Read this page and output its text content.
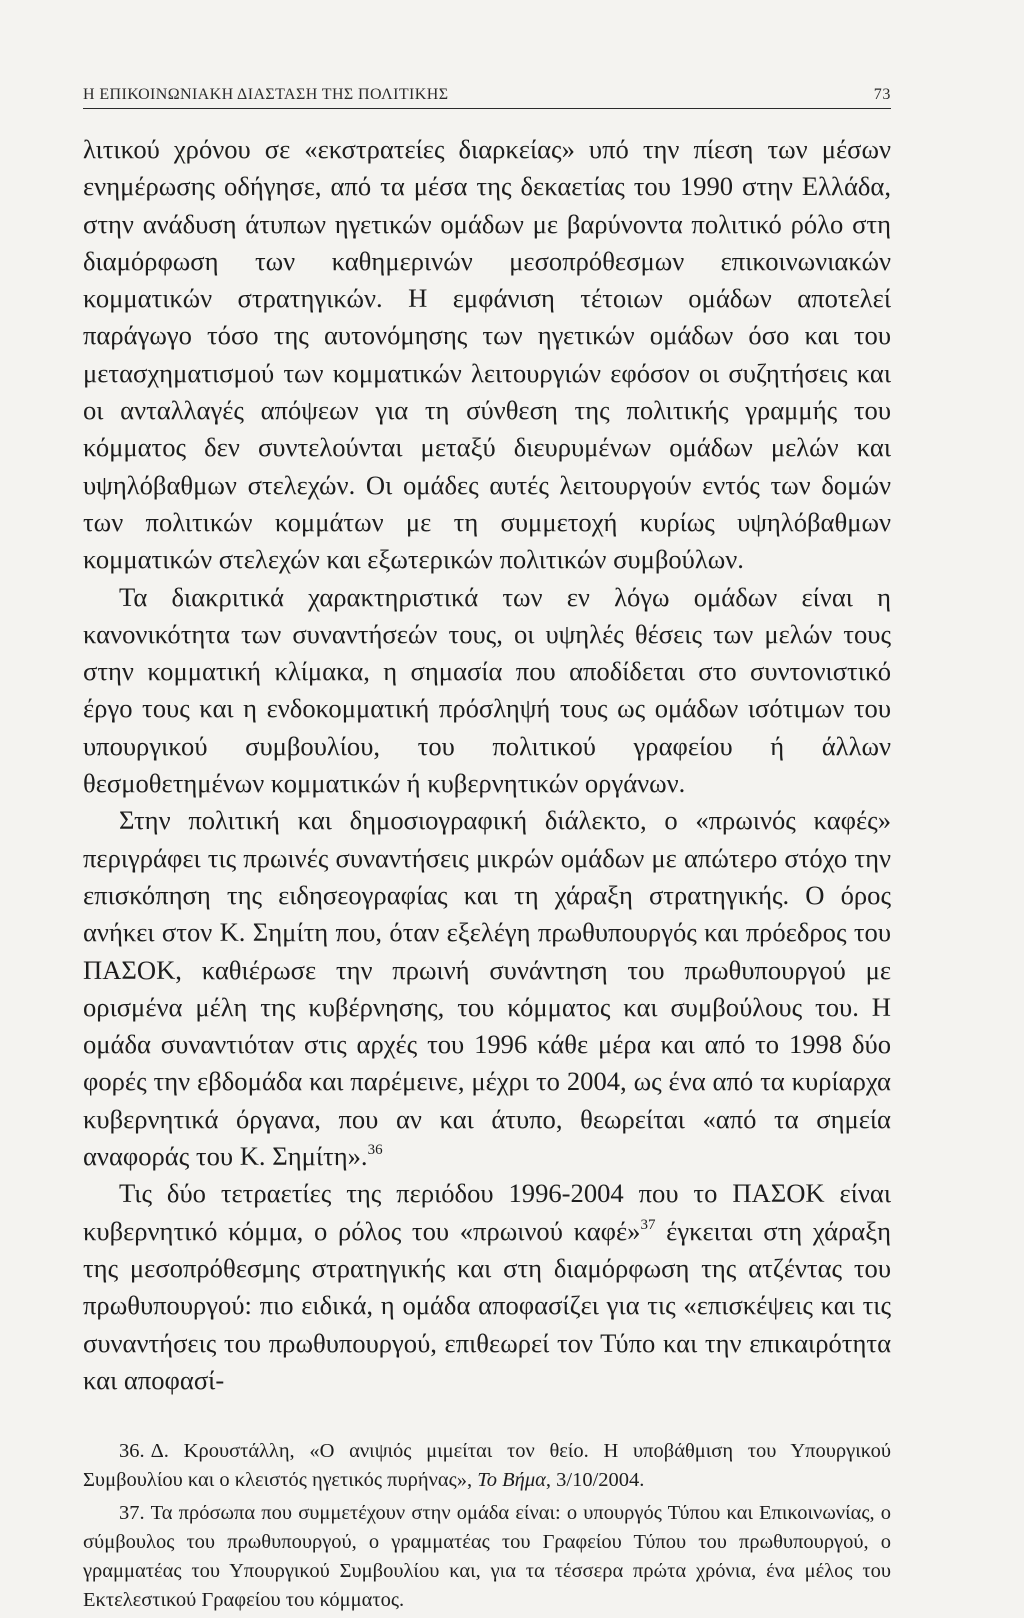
Η ΕΠΙΚΟΙΝΩΝΙΑΚΗ ΔΙΑΣΤΑΣΗ ΤΗΣ ΠΟΛΙΤΙΚΗΣ	73

λιτικού χρόνου σε «εκστρατείες διαρκείας» υπό την πίεση των μέσων ενημέρωσης οδήγησε, από τα μέσα της δεκαετίας του 1990 στην Ελλάδα, στην ανάδυση άτυπων ηγετικών ομάδων με βαρύνοντα πολιτικό ρόλο στη διαμόρφωση των καθημερινών μεσοπρόθεσμων επικοινωνιακών κομματικών στρατηγικών. Η εμφάνιση τέτοιων ομάδων αποτελεί παράγωγο τόσο της αυτονόμησης των ηγετικών ομάδων όσο και του μετασχηματισμού των κομματικών λειτουργιών εφόσον οι συζητήσεις και οι ανταλλαγές απόψεων για τη σύνθεση της πολιτικής γραμμής του κόμματος δεν συντελούνται μεταξύ διευρυμένων ομάδων μελών και υψηλόβαθμων στελεχών. Οι ομάδες αυτές λειτουργούν εντός των δομών των πολιτικών κομμάτων με τη συμμετοχή κυρίως υψηλόβαθμων κομματικών στελεχών και εξωτερικών πολιτικών συμβούλων.

Τα διακριτικά χαρακτηριστικά των εν λόγω ομάδων είναι η κανονικότητα των συναντήσεών τους, οι υψηλές θέσεις των μελών τους στην κομματική κλίμακα, η σημασία που αποδίδεται στο συντονιστικό έργο τους και η ενδοκομματική πρόσληψή τους ως ομάδων ισότιμων του υπουργικού συμβουλίου, του πολιτικού γραφείου ή άλλων θεσμοθετημένων κομματικών ή κυβερνητικών οργάνων.

Στην πολιτική και δημοσιογραφική διάλεκτο, ο «πρωινός καφές» περιγράφει τις πρωινές συναντήσεις μικρών ομάδων με απώτερο στόχο την επισκόπηση της ειδησεογραφίας και τη χάραξη στρατηγικής. Ο όρος ανήκει στον Κ. Σημίτη που, όταν εξελέγη πρωθυπουργός και πρόεδρος του ΠΑΣΟΚ, καθιέρωσε την πρωινή συνάντηση του πρωθυπουργού με ορισμένα μέλη της κυβέρνησης, του κόμματος και συμβούλους του. Η ομάδα συναντιόταν στις αρχές του 1996 κάθε μέρα και από το 1998 δύο φορές την εβδομάδα και παρέμεινε, μέχρι το 2004, ως ένα από τα κυρίαρχα κυβερνητικά όργανα, που αν και άτυπο, θεωρείται «από τα σημεία αναφοράς του Κ. Σημίτη».$^{36}$

Τις δύο τετραετίες της περιόδου 1996-2004 που το ΠΑΣΟΚ είναι κυβερνητικό κόμμα, ο ρόλος του «πρωινού καφέ»$^{37}$ έγκειται στη χάραξη της μεσοπρόθεσμης στρατηγικής και στη διαμόρφωση της ατζέντας του πρωθυπουργού: πιο ειδικά, η ομάδα αποφασίζει για τις «επισκέψεις και τις συναντήσεις του πρωθυπουργού, επιθεωρεί τον Τύπο και την επικαιρότητα και αποφασί-

36. Δ. Κρουστάλλη, «Ο ανιψιός μιμείται τον θείο. Η υποβάθμιση του Υπουργικού Συμβουλίου και ο κλειστός ηγετικός πυρήνας», Το Βήμα, 3/10/2004.

37. Τα πρόσωπα που συμμετέχουν στην ομάδα είναι: ο υπουργός Τύπου και Επικοινωνίας, ο σύμβουλος του πρωθυπουργού, ο γραμματέας του Γραφείου Τύπου του πρωθυπουργού, ο γραμματέας του Υπουργικού Συμβουλίου και, για τα τέσσερα πρώτα χρόνια, ένα μέλος του Εκτελεστικού Γραφείου του κόμματος.
